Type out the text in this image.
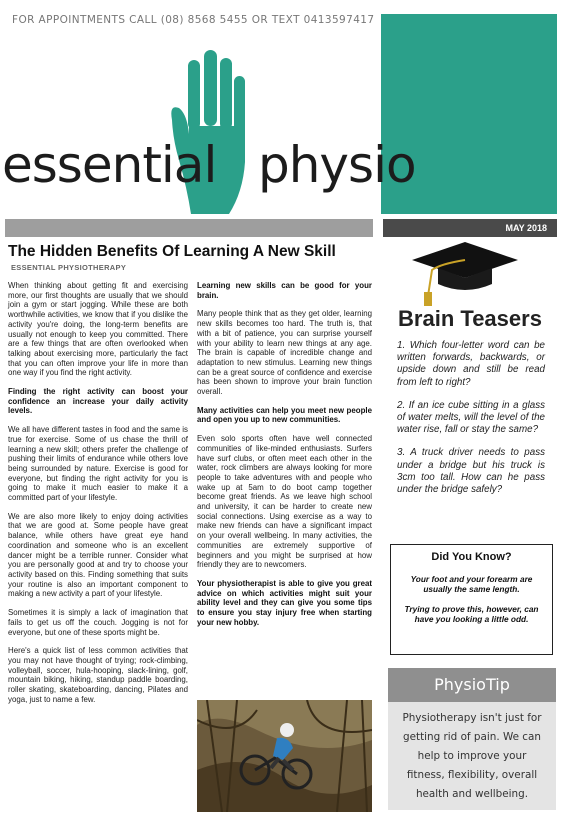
FOR APPOINTMENTS CALL (08) 8568 5455 OR TEXT 0413597417
essential physio
MAY 2018
The Hidden Benefits Of Learning A New Skill
ESSENTIAL PHYSIOTHERAPY

When thinking about getting fit and exercising more, our first thoughts are usually that we should join a gym or start jogging. While these are both worthwhile activities, we know that if you dislike the activity you're doing, the long-term benefits are usually not enough to keep you committed. There are a few things that are often overlooked when talking about exercising more, particularly the fact that you can often improve your life in more than one way if you find the right activity.

Finding the right activity can boost your confidence an increase your daily activity levels.

We all have different tastes in food and the same is true for exercise. Some of us chase the thrill of learning a new skill; others prefer the challenge of pushing their limits of endurance while others love being surrounded by nature. Exercise is good for everyone, but finding the right activity for you is going to make it much easier to make it a committed part of your lifestyle.

We are also more likely to enjoy doing activities that we are good at. Some people have great balance, while others have great eye hand coordination and someone who is an excellent dancer might be a terrible runner. Consider what you are personally good at and try to choose your activity based on this. Finding something that suits your routine is also an important component to making a new activity a part of your lifestyle.

Sometimes it is simply a lack of imagination that fails to get us off the couch. Jogging is not for everyone, but one of these sports might be.

Here's a quick list of less common activities that you may not have thought of trying; rock-climbing, volleyball, soccer, hula-hooping, slack-lining, golf, mountain biking, hiking, standup paddle boarding, roller skating, skateboarding, dancing, Pilates and yoga, just to name a few.

Learning new skills can be good for your brain.

Many people think that as they get older, learning new skills becomes too hard. The truth is, that with a bit of patience, you can surprise yourself with your ability to learn new things at any age. The brain is capable of incredible change and adaptation to new stimulus. Learning new things can be a great source of confidence and exercise has been shown to improve your brain function overall.

Many activities can help you meet new people and open you up to new communities.

Even solo sports often have well connected communities of like-minded enthusiasts. Surfers have surf clubs, or often meet each other in the water, rock climbers are always looking for more people to take adventures with and people who wake up at 5am to do boot camp together become great friends. As we leave high school and university, it can be harder to create new social connections. Using exercise as a way to make new friends can have a significant impact on your overall wellbeing. In many activities, the communities are extremely supportive of beginners and you might be surprised at how friendly they are to newcomers.

Your physiotherapist is able to give you great advice on which activities might suit your ability level and they can give you some tips to ensure you stay injury free when starting your new hobby.

Brain Teasers

1. Which four-letter word can be written forwards, backwards, or upside down and still be read from left to right?

2. If an ice cube sitting in a glass of water melts, will the level of the water rise, fall or stay the same?

3. A truck driver needs to pass under a bridge but his truck is 3cm too tall. How can he pass under the bridge safely?

Did You Know?

Your foot and your forearm are usually the same length.

Trying to prove this, however, can have you looking a little odd.

PhysioTip
Physiotherapy isn't just for getting rid of pain. We can help to improve your fitness, flexibility, overall health and wellbeing.
